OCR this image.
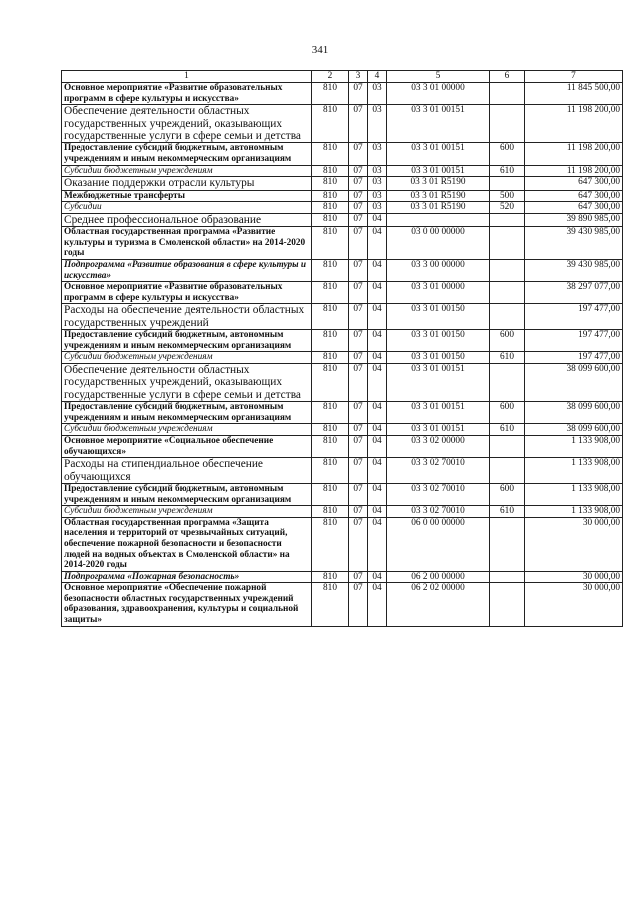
341
1	2	3	4	5	6	7
Основное мероприятие «Развитие образовательных программ в сфере культуры и искусства»	810	07	03	03 3 01 00000		11 845 500,00
Обеспечение деятельности областных государственных учреждений, оказывающих государственные услуги в сфере семьи и детства	810	07	03	03 3 01 00151		11 198 200,00
Предоставление субсидий бюджетным, автономным учреждениям и иным некоммерческим организациям	810	07	03	03 3 01 00151	600	11 198 200,00
Субсидии бюджетным учреждениям	810	07	03	03 3 01 00151	610	11 198 200,00
Оказание поддержки отрасли культуры	810	07	03	03 3 01 R5190		647 300,00
Межбюджетные трансферты	810	07	03	03 3 01 R5190	500	647 300,00
Субсидии	810	07	03	03 3 01 R5190	520	647 300,00
Среднее профессиональное образование	810	07	04			39 890 985,00
Областная государственная программа «Развитие культуры и туризма в Смоленской области» на 2014-2020 годы	810	07	04	03 0 00 00000		39 430 985,00
Подпрограмма «Развитие образования в сфере культуры и искусства»	810	07	04	03 3 00 00000		39 430 985,00
Основное мероприятие «Развитие образовательных программ в сфере культуры и искусства»	810	07	04	03 3 01 00000		38 297 077,00
Расходы на обеспечение деятельности областных государственных учреждений	810	07	04	03 3 01 00150		197 477,00
Предоставление субсидий бюджетным, автономным учреждениям и иным некоммерческим организациям	810	07	04	03 3 01 00150	600	197 477,00
Субсидии бюджетным учреждениям	810	07	04	03 3 01 00150	610	197 477,00
Обеспечение деятельности областных государственных учреждений, оказывающих государственные услуги в сфере семьи и детства	810	07	04	03 3 01 00151		38 099 600,00
Предоставление субсидий бюджетным, автономным учреждениям и иным некоммерческим организациям	810	07	04	03 3 01 00151	600	38 099 600,00
Субсидии бюджетным учреждениям	810	07	04	03 3 01 00151	610	38 099 600,00
Основное мероприятие «Социальное обеспечение обучающихся»	810	07	04	03 3 02 00000		1 133 908,00
Расходы на стипендиальное обеспечение обучающихся	810	07	04	03 3 02 70010		1 133 908,00
Предоставление субсидий бюджетным, автономным учреждениям и иным некоммерческим организациям	810	07	04	03 3 02 70010	600	1 133 908,00
Субсидии бюджетным учреждениям	810	07	04	03 3 02 70010	610	1 133 908,00
Областная государственная программа «Защита населения и территорий от чрезвычайных ситуаций, обеспечение пожарной безопасности и безопасности людей на водных объектах в Смоленской области» на 2014-2020 годы	810	07	04	06 0 00 00000		30 000,00
Подпрограмма «Пожарная безопасность»	810	07	04	06 2 00 00000		30 000,00
Основное мероприятие «Обеспечение пожарной безопасности областных государственных учреждений образования, здравоохранения, культуры и социальной защиты»	810	07	04	06 2 02 00000		30 000,00
